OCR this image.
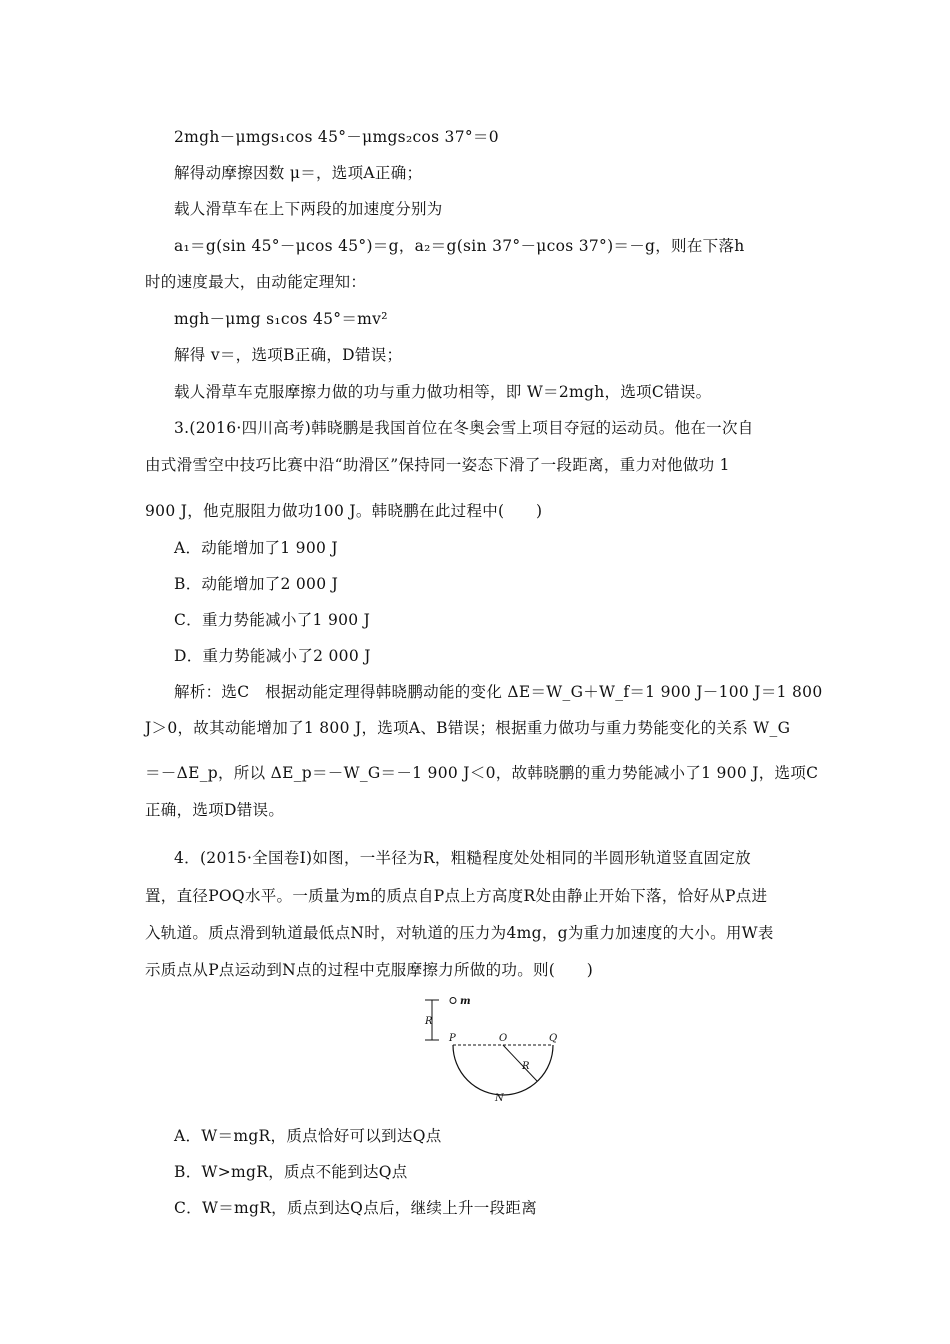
2mgh－μmgs₁cos 45°－μmgs₂cos 37°＝0
解得动摩擦因数 μ＝，选项A正确；
载人滑草车在上下两段的加速度分别为
a₁＝g(sin 45°－μcos 45°)＝g，a₂＝g(sin 37°－μcos 37°)＝－g，则在下落h
时的速度最大，由动能定理知：
mgh－μmg s₁cos 45°＝mv²
解得 v＝，选项B正确，D错误；
载人滑草车克服摩擦力做的功与重力做功相等，即 W＝2mgh，选项C错误。
3.(2016·四川高考)韩晓鹏是我国首位在冬奥会雪上项目夺冠的运动员。他在一次自
由式滑雪空中技巧比赛中沿“助滑区”保持同一姿态下滑了一段距离，重力对他做功 1
900 J，他克服阻力做功100 J。韩晓鹏在此过程中(　　)
A．动能增加了1 900 J
B．动能增加了2 000 J
C．重力势能减小了1 900 J
D．重力势能减小了2 000 J
解析：选C　根据动能定理得韩晓鹏动能的变化 ΔE＝W_G＋W_f＝1 900 J－100 J＝1 800
J＞0，故其动能增加了1 800 J，选项A、B错误；根据重力做功与重力势能变化的关系 W_G
＝－ΔE_p，所以 ΔE_p＝－W_G＝－1 900 J＜0，故韩晓鹏的重力势能减小了1 900 J，选项C
正确，选项D错误。
4．(2015·全国卷Ⅰ)如图，一半径为R，粗糙程度处处相同的半圆形轨道竖直固定放
置，直径POQ水平。一质量为m的质点自P点上方高度R处由静止开始下落，恰好从P点进
入轨道。质点滑到轨道最低点N时，对轨道的压力为4mg，g为重力加速度的大小。用W表
示质点从P点运动到N点的过程中克服摩擦力所做的功。则(　　)
A．W＝mgR，质点恰好可以到达Q点
B．W>mgR，质点不能到达Q点
C．W＝mgR，质点到达Q点后，继续上升一段距离
m
R
P	O	Q
R
N
